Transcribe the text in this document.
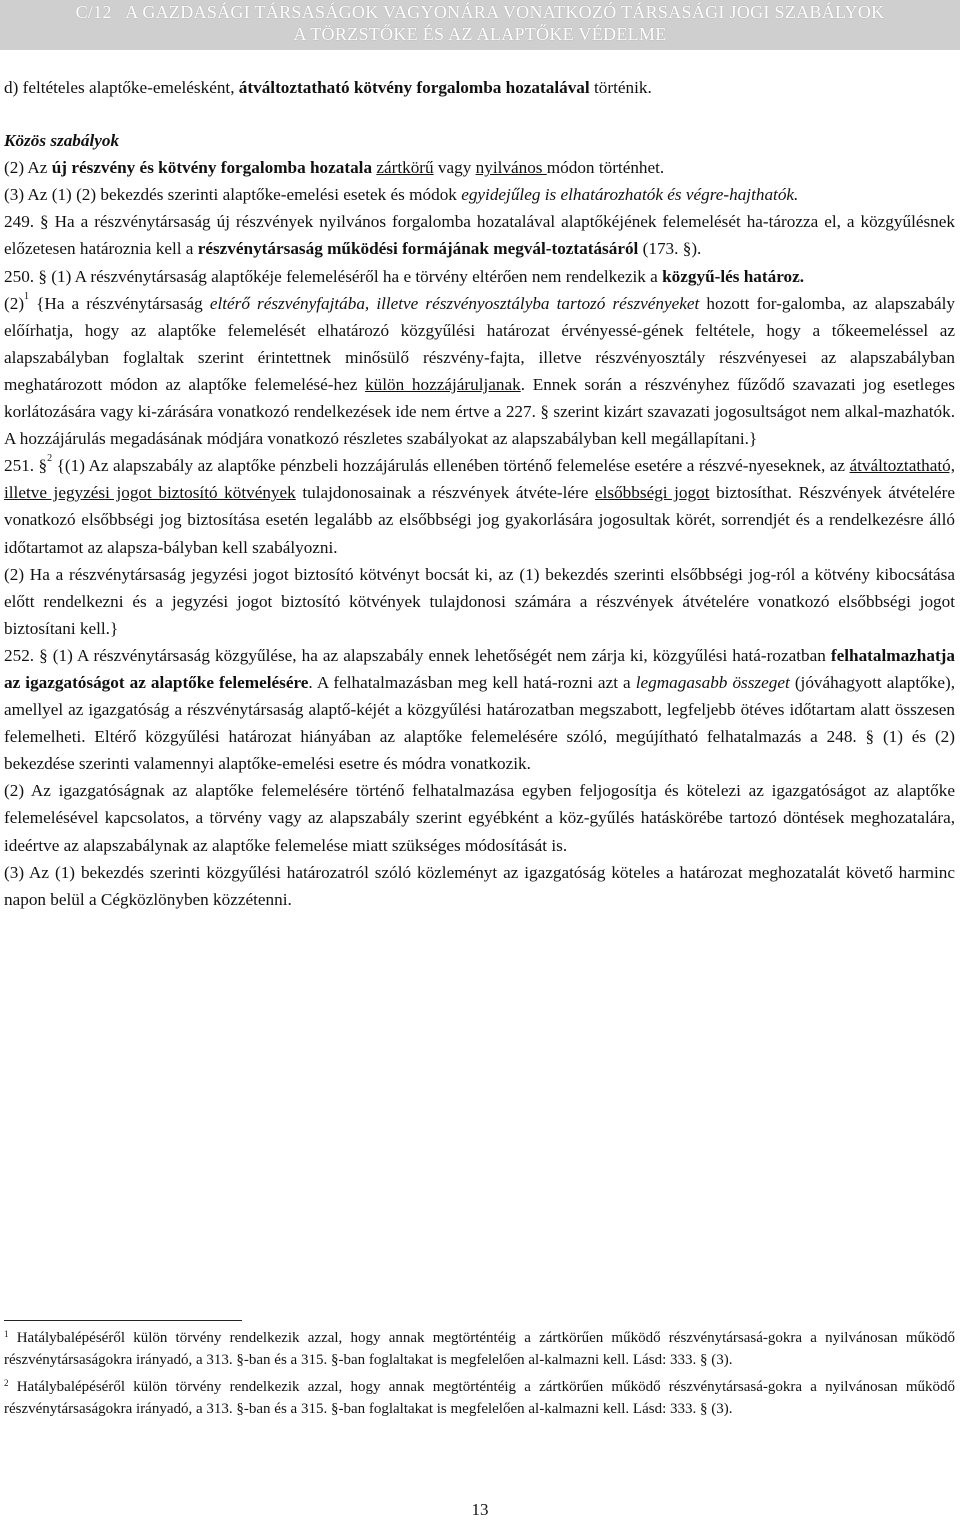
C/12 A GAZDASÁGI TÁRSASÁGOK VAGYONÁRA VONATKOZÓ TÁRSASÁGI JOGI SZABÁLYOK
A TÖRZSTŐKE ÉS AZ ALAPTŐKE VÉDELME

d) feltételes alaptőke-emelésként, átváltoztatható kötvény forgalomba hozatalával történik.

Közös szabályok

(2) Az új részvény és kötvény forgalomba hozatala zártkörű vagy nyilvános módon történhet.

(3) Az (1) (2) bekezdés szerinti alaptőke-emelési esetek és módok egyidejűleg is elhatározhatók és végre-hajthatók.

249. § Ha a részvénytársaság új részvények nyilvános forgalomba hozatalával alaptőkéjének felemelését ha-tározza el, a közgyűlésnek előzetesen határoznia kell a részvénytársaság működési formájának megvál-toztatásáról (173. §).

250. § (1) A részvénytársaság alaptőkéje felemeléséről ha e törvény eltérően nem rendelkezik a közgyű-lés határoz.

$(2)^1$ {Ha a részvénytársaság eltérő részvényfajtába, illetve részvényosztályba tartozó részvényeket hozott for-galomba, az alapszabály előírhatja, hogy az alaptőke felemelését elhatározó közgyűlési határozat érvényessé-gének feltétele, hogy a tőkeemeléssel az alapszabályban foglaltak szerint érintettnek minősülő részvény-fajta, illetve részvényosztály részvényesei az alapszabályban meghatározott módon az alaptőke felemelésé-hez külön hozzájáruljanak. Ennek során a részvényhez fűződő szavazati jog esetleges korlátozására vagy ki-zárására vonatkozó rendelkezések ide nem értve a 227. § szerint kizárt szavazati jogosultságot nem alkal-mazhatók. A hozzájárulás megadásának módjára vonatkozó részletes szabályokat az alapszabályban kell megállapítani.}

251. §$^2$ {(1) Az alapszabály az alaptőke pénzbeli hozzájárulás ellenében történő felemelése esetére a részvé-nyeseknek, az átváltoztatható, illetve jegyzési jogot biztosító kötvények tulajdonosainak a részvények átvéte-lére elsőbbségi jogot biztosíthat. Részvények átvételére vonatkozó elsőbbségi jog biztosítása esetén legalább az elsőbbségi jog gyakorlására jogosultak körét, sorrendjét és a rendelkezésre álló időtartamot az alapsza-bályban kell szabályozni.

(2) Ha a részvénytársaság jegyzési jogot biztosító kötvényt bocsát ki, az (1) bekezdés szerinti elsőbbségi jog-ról a kötvény kibocsátása előtt rendelkezni és a jegyzési jogot biztosító kötvények tulajdonosi számára a részvények átvételére vonatkozó elsőbbségi jogot biztosítani kell.}

252. § (1) A részvénytársaság közgyűlése, ha az alapszabály ennek lehetőségét nem zárja ki, közgyűlési hatá-rozatban felhatalmazhatja az igazgatóságot az alaptőke felemelésére. A felhatalmazásban meg kell hatá-rozni azt a legmagasabb összeget (jóváhagyott alaptőke), amellyel az igazgatóság a részvénytársaság alaptő-kéjét a közgyűlési határozatban megszabott, legfeljebb ötéves időtartam alatt összesen felemelheti. Eltérő közgyűlési határozat hiányában az alaptőke felemelésére szóló, megújítható felhatalmazás a 248. § (1) és (2) bekezdése szerinti valamennyi alaptőke-emelési esetre és módra vonatkozik.

(2) Az igazgatóságnak az alaptőke felemelésére történő felhatalmazása egyben feljogosítja és kötelezi az igazgatóságot az alaptőke felemelésével kapcsolatos, a törvény vagy az alapszabály szerint egyébként a köz-gyűlés hatáskörébe tartozó döntések meghozatalára, ideértve az alapszabálynak az alaptőke felemelése miatt szükséges módosítását is.

(3) Az (1) bekezdés szerinti közgyűlési határozatról szóló közleményt az igazgatóság köteles a határozat meghozatalát követő harminc napon belül a Cégközlönyben közzétenni.

$^1$ Hatálybalépéséről külön törvény rendelkezik azzal, hogy annak megtörténtéig a zártkörűen működő részvénytársasá-gokra a nyilvánosan működő részvénytársaságokra irányadó, a 313. §-ban és a 315. §-ban foglaltakat is megfelelően al-kalmazni kell. Lásd: 333. § (3).

$^2$ Hatálybalépéséről külön törvény rendelkezik azzal, hogy annak megtörténtéig a zártkörűen működő részvénytársasá-gokra a nyilvánosan működő részvénytársaságokra irányadó, a 313. §-ban és a 315. §-ban foglaltakat is megfelelően al-kalmazni kell. Lásd: 333. § (3).

13
